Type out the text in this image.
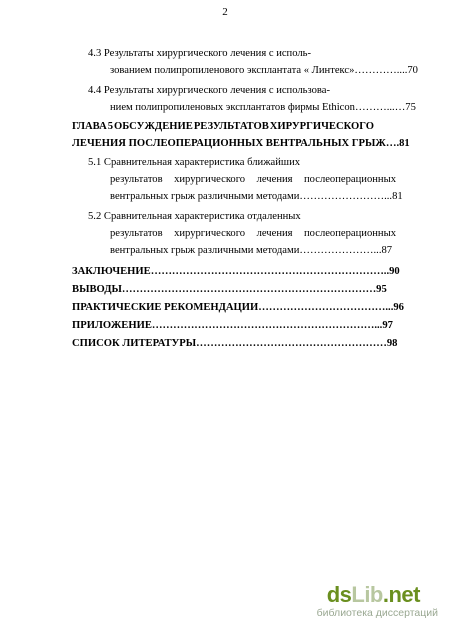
2
4.3 Результаты хирургического лечения с исполь-
зованием полипропиленового эксплантата « Линтекс»…………....70
4.4 Результаты хирургического лечения с использова-
нием полипропиленовых эксплантатов фирмы Ethicon………...…75
ГЛАВА 5 ОБСУЖДЕНИЕ РЕЗУЛЬТАТОВ ХИРУРГИЧЕСКОГО
ЛЕЧЕНИЯ ПОСЛЕОПЕРАЦИОННЫХ ВЕНТРАЛЬНЫХ ГРЫЖ….81
5.1 Сравнительная характеристика ближайших
результатов хирургического лечения послеоперационных
вентральных грыж различными методами……………………...81
5.2 Сравнительная характеристика отдаленных
результатов хирургического лечения послеоперационных
вентральных грыж различными методами…………………...87
ЗАКЛЮЧЕНИЕ…………………………………………………………..90
ВЫВОДЫ………………………………………………………………95
ПРАКТИЧЕСКИЕ РЕКОМЕНДАЦИИ………………………………...96
ПРИЛОЖЕНИЕ………………………………………………………...97
СПИСОК ЛИТЕРАТУРЫ………………………………………………98
dsLib.net
библиотека диссертаций
